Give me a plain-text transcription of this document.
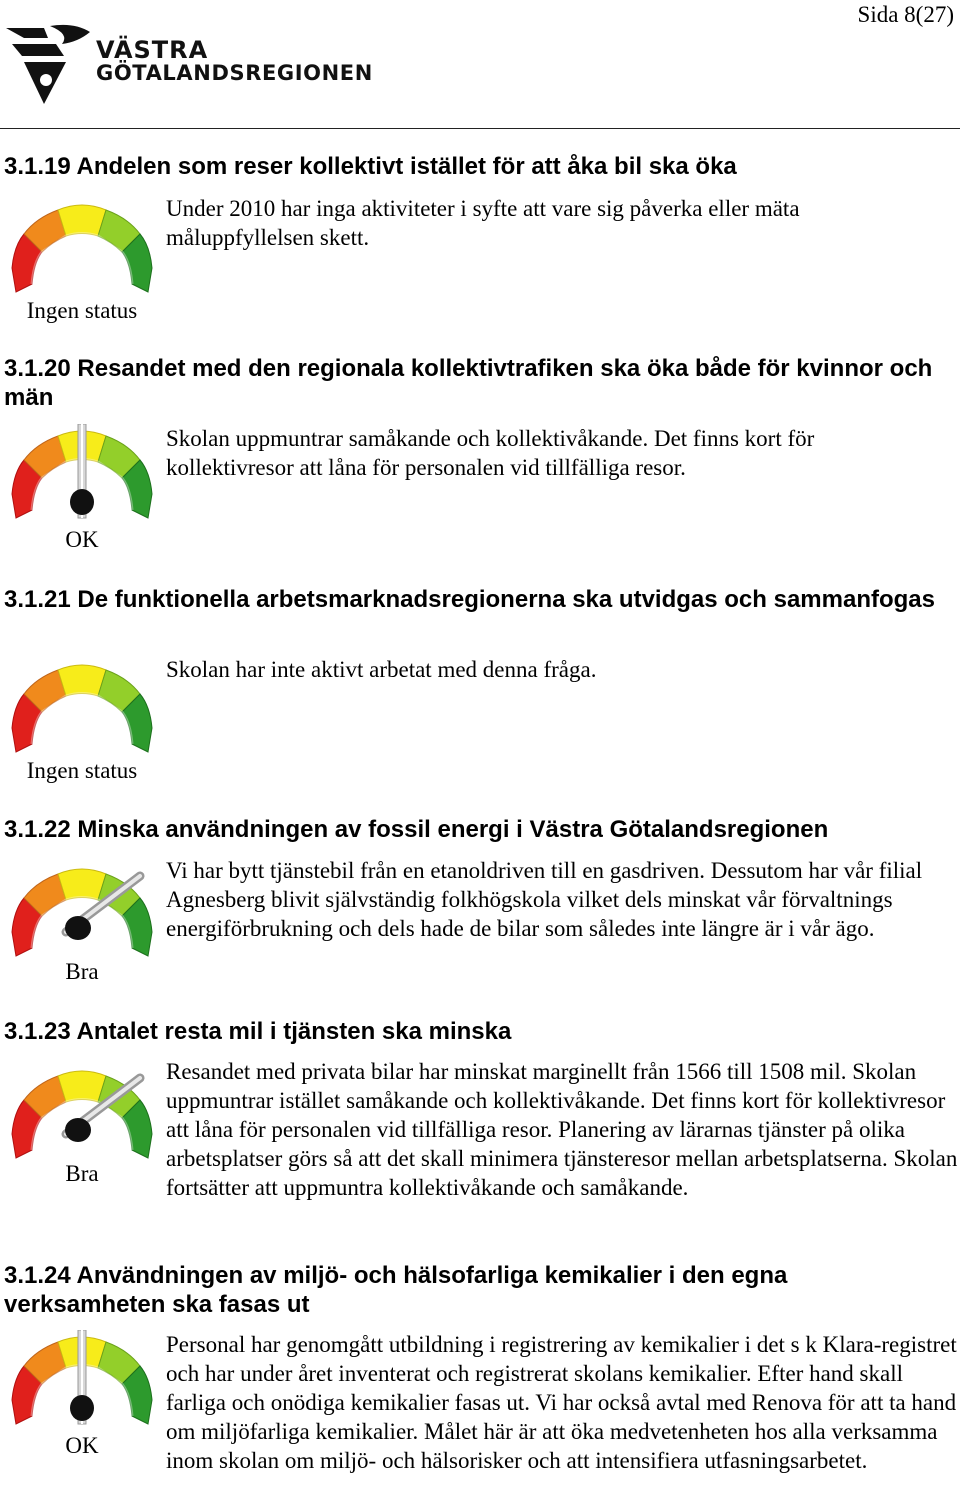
Sida 8(27)
VÄSTRA
GÖTALANDSREGIONEN
3.1.19 Andelen som reser kollektivt istället för att åka bil ska öka
Ingen status
Under 2010 har inga aktiviteter i syfte att vare sig påverka eller mäta måluppfyllelsen skett.
3.1.20 Resandet med den regionala kollektivtrafiken ska öka både för kvinnor och män
OK
Skolan uppmuntrar samåkande och kollektivåkande. Det finns kort för kollektivresor att låna för personalen vid tillfälliga resor.
3.1.21 De funktionella arbetsmarknadsregionerna ska utvidgas och sammanfogas
Ingen status
Skolan har inte aktivt arbetat med denna fråga.
3.1.22 Minska användningen av fossil energi i Västra Götalandsregionen
Bra
Vi har bytt tjänstebil från en etanoldriven till en gasdriven. Dessutom har vår filial Agnesberg blivit självständig folkhögskola vilket dels minskat vår förvaltnings energiförbrukning och dels hade de bilar som således inte längre är i vår ägo.
3.1.23 Antalet resta mil i tjänsten ska minska
Bra
Resandet med privata bilar har minskat marginellt från 1566 till 1508 mil. Skolan uppmuntrar istället samåkande och kollektivåkande. Det finns kort för kollektivresor att låna för personalen vid tillfälliga resor. Planering av lärarnas tjänster på olika arbetsplatser görs så att det skall minimera tjänsteresor mellan arbetsplatserna. Skolan fortsätter att uppmuntra kollektivåkande och samåkande.
3.1.24 Användningen av miljö- och hälsofarliga kemikalier i den egna verksamheten ska fasas ut
OK
Personal har genomgått utbildning i registrering av kemikalier i det s k Klara-registret och har under året inventerat och registrerat skolans kemikalier. Efter hand skall farliga och onödiga kemikalier fasas ut. Vi har också avtal med Renova för att ta hand om miljöfarliga kemikalier. Målet här är att öka medvetenheten hos alla verksamma inom skolan om miljö- och hälsorisker och att intensifiera utfasningsarbetet.
